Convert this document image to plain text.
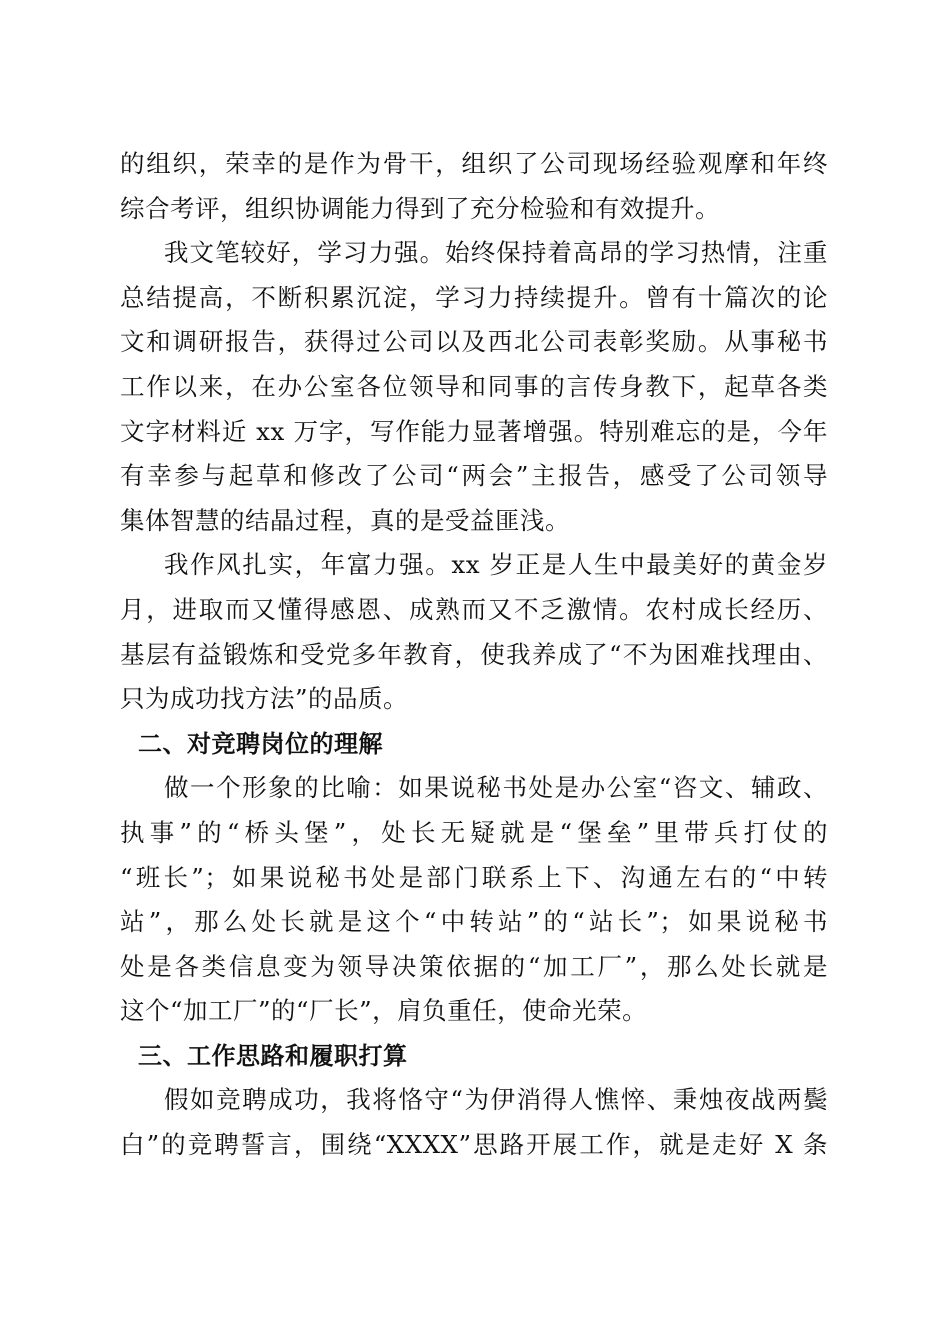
的组织，荣幸的是作为骨干，组织了公司现场经验观摩和年终
综合考评，组织协调能力得到了充分检验和有效提升。
我文笔较好，学习力强。始终保持着高昂的学习热情，注重
总结提高，不断积累沉淀，学习力持续提升。曾有十篇次的论
文和调研报告，获得过公司以及西北公司表彰奖励。从事秘书
工作以来，在办公室各位领导和同事的言传身教下，起草各类
文字材料近 xx 万字，写作能力显著增强。特别难忘的是，今年
有幸参与起草和修改了公司“两会”主报告，感受了公司领导
集体智慧的结晶过程，真的是受益匪浅。
我作风扎实，年富力强。xx 岁正是人生中最美好的黄金岁
月，进取而又懂得感恩、成熟而又不乏激情。农村成长经历、
基层有益锻炼和受党多年教育，使我养成了“不为困难找理由、
只为成功找方法”的品质。
二、对竞聘岗位的理解
做一个形象的比喻：如果说秘书处是办公室“咨文、辅政、
执事”的“桥头堡”，处长无疑就是“堡垒”里带兵打仗的
“班长”；如果说秘书处是部门联系上下、沟通左右的“中转
站”，那么处长就是这个“中转站”的“站长”；如果说秘书
处是各类信息变为领导决策依据的“加工厂”，那么处长就是
这个“加工厂”的“厂长”，肩负重任，使命光荣。
三、工作思路和履职打算
假如竞聘成功，我将恪守“为伊消得人憔悴、秉烛夜战两鬓
白”的竞聘誓言，围绕“XXXX”思路开展工作，就是走好 X 条
